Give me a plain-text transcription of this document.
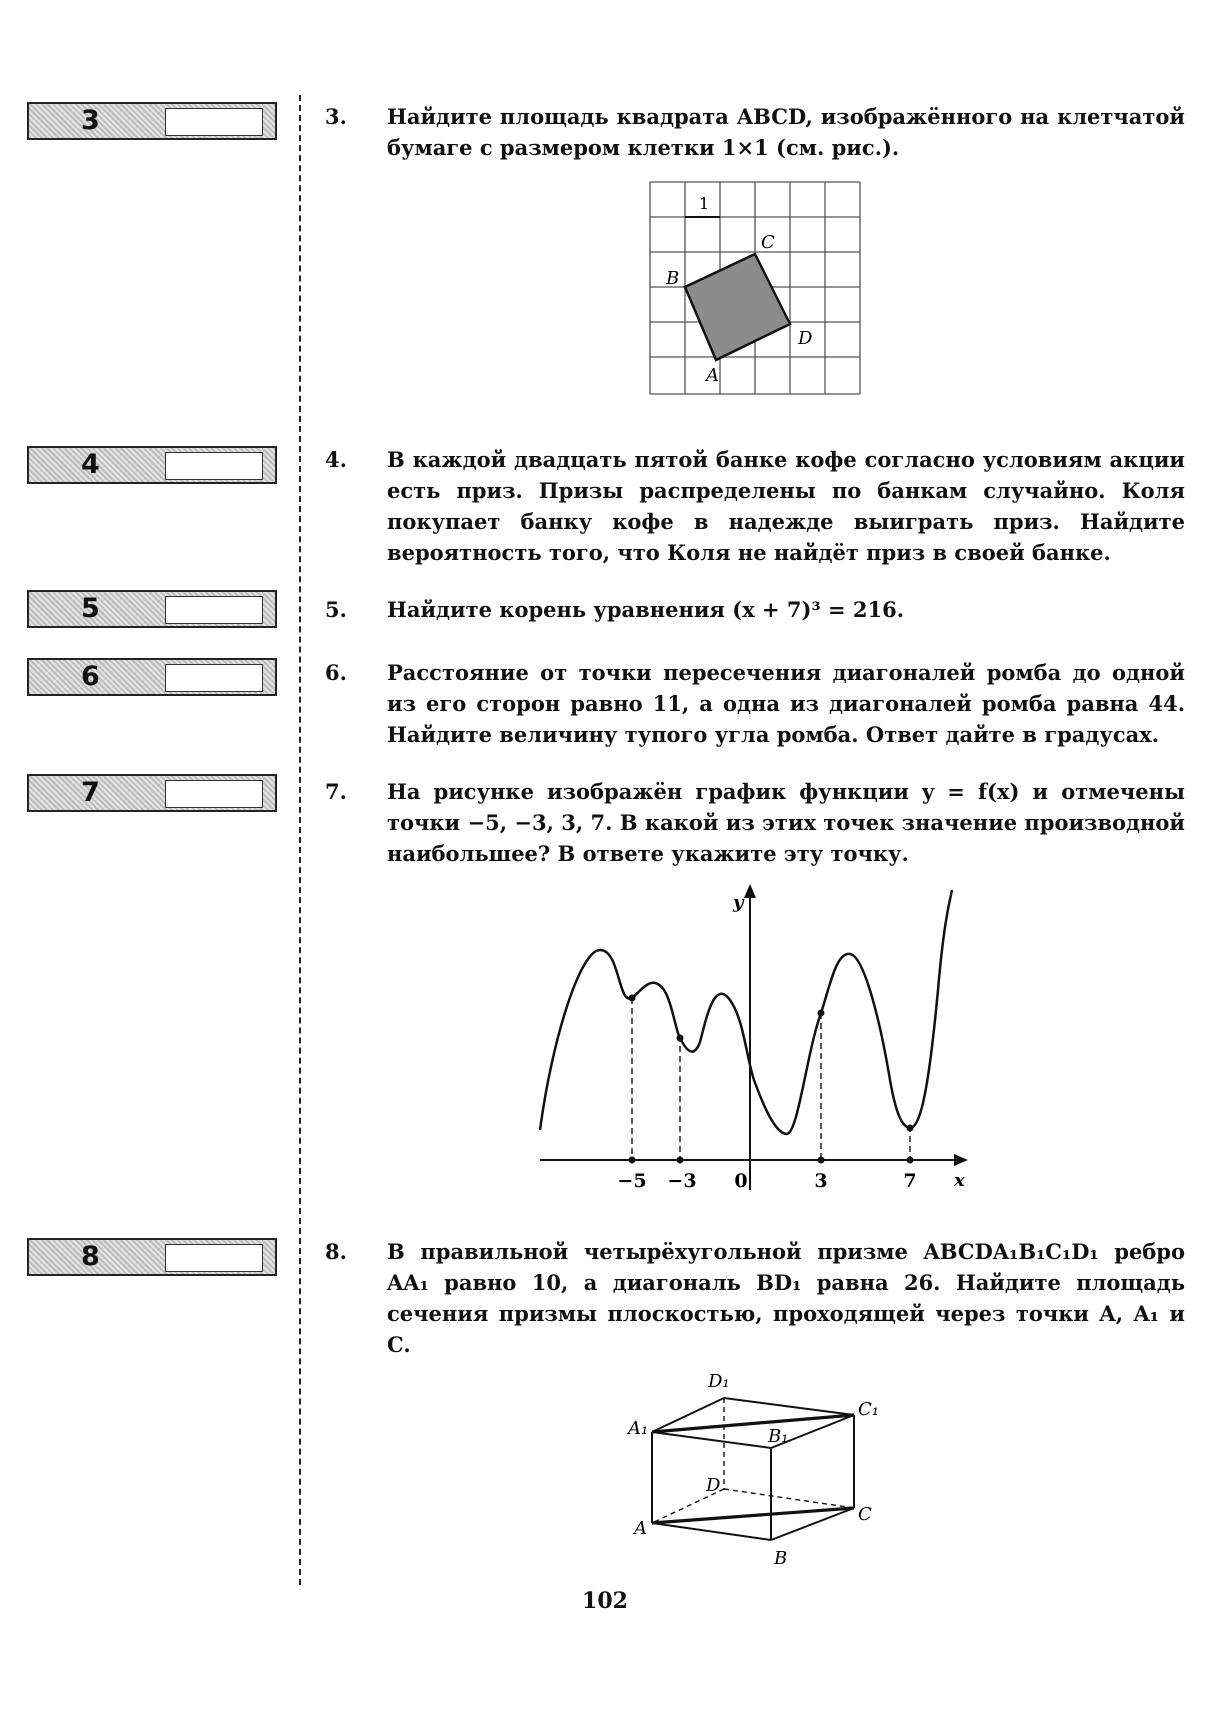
3
4
5
6
7
8
3. Найдите площадь квадрата ABCD, изображённого на клетчатой бумаге с размером клетки 1×1 (см. рис.).
1
A
B
C
D
4. В каждой двадцать пятой банке кофе согласно условиям акции есть приз. Призы распределены по банкам случайно. Коля покупает банку кофе в надежде выиграть приз. Найдите вероятность того, что Коля не найдёт приз в своей банке.
5. Найдите корень уравнения (x + 7)³ = 216.
6. Расстояние от точки пересечения диагоналей ромба до одной из его сторон равно 11, а одна из диагоналей ромба равна 44. Найдите величину тупого угла ромба. Ответ дайте в градусах.
7. На рисунке изображён график функции y = f(x) и отмечены точки −5, −3, 3, 7. В какой из этих точек значение производной наибольшее? В ответе укажите эту точку.
y
x
−5 −3 0	3	7
8. В правильной четырёхугольной призме ABCDA₁B₁C₁D₁ ребро AA₁ равно 10, а диагональ BD₁ равна 26. Найдите площадь сечения призмы плоскостью, проходящей через точки A, A₁ и C.
D₁
C₁
A₁	B₁
D
C
A
B
102
